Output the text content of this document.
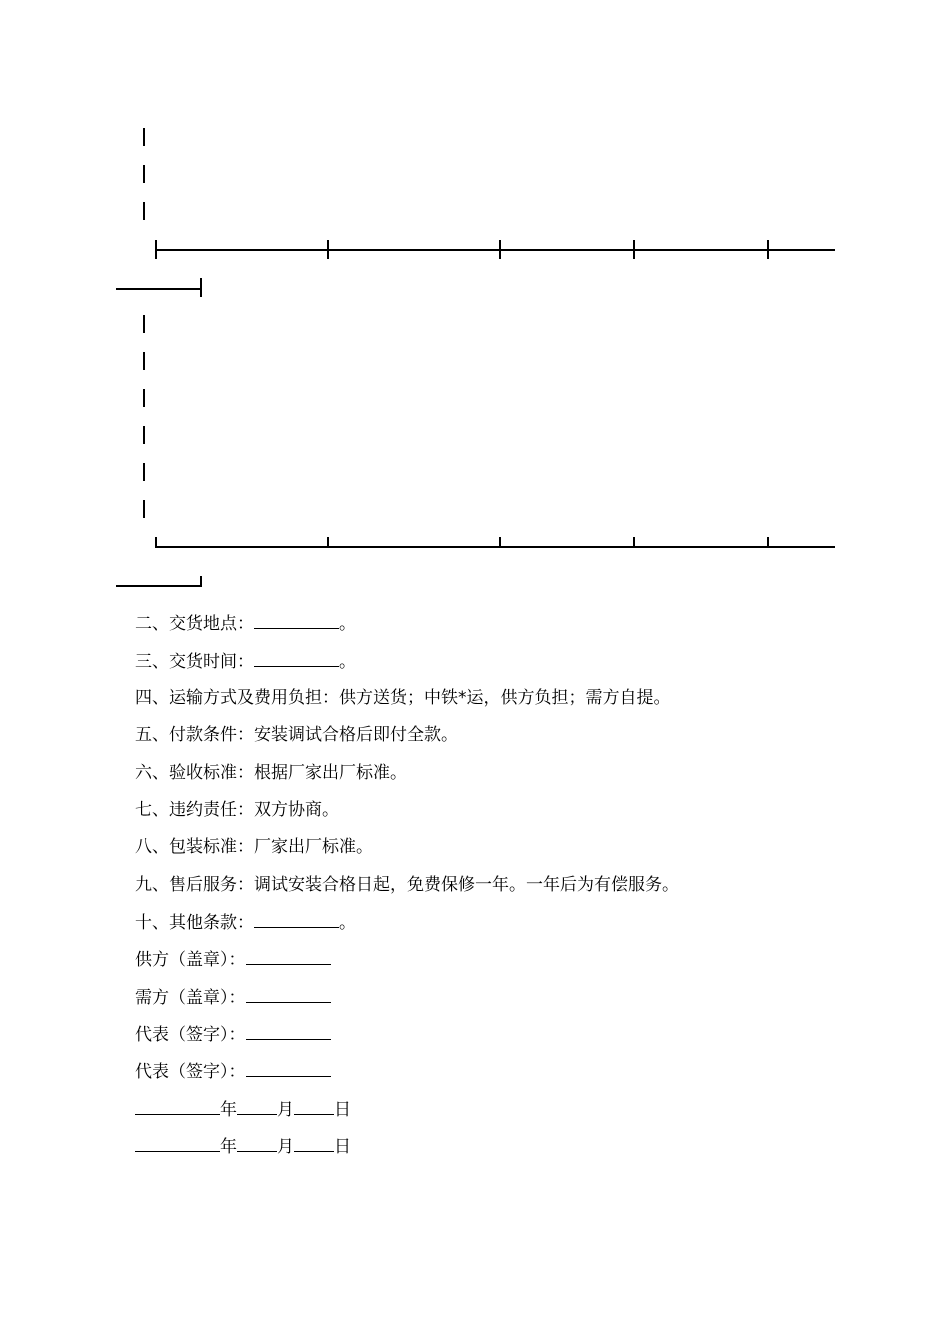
二、交货地点：	。
三、交货时间：	。
四、运输方式及费用负担：供方送货；中铁*运，供方负担；需方自提。
五、付款条件：安装调试合格后即付全款。
六、验收标准：根据厂家出厂标准。
七、违约责任：双方协商。
八、包装标准：厂家出厂标准。
九、售后服务：调试安装合格日起，免费保修一年。一年后为有偿服务。
十、其他条款：	。
供方（盖章）：
需方（盖章）：
代表（签字）：
代表（签字）：
年 月 日
年 月 日
